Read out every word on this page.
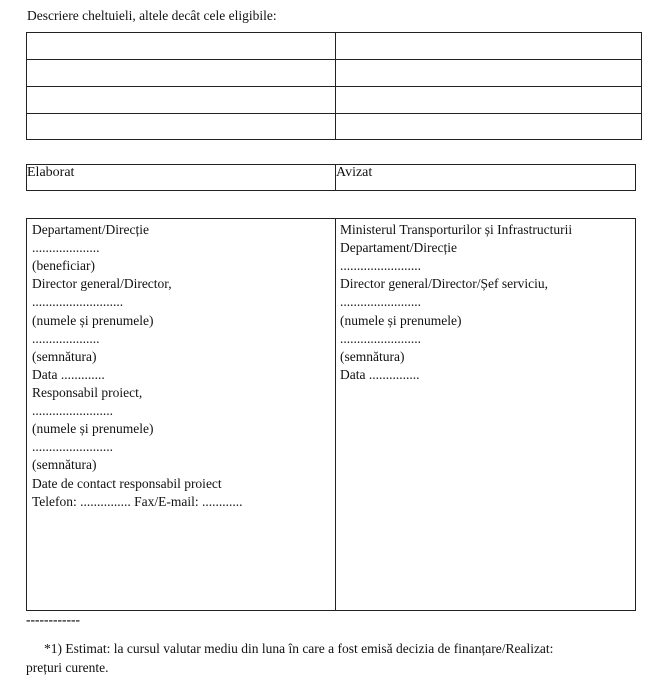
Descriere cheltuieli, altele decât cele eligibile:

Elaborat	Avizat

Departament/Direcție
....................
(beneficiar)
Director general/Director,
...........................
(numele și prenumele)
....................
(semnătura)
Data .............
Responsabil proiect,
........................
(numele și prenumele)
........................
(semnătura)
Date de contact responsabil proiect
Telefon: ............... Fax/E-mail: ............
Ministerul Transporturilor și Infrastructurii
Departament/Direcție
........................
Director general/Director/Șef serviciu,
........................
(numele și prenumele)
........................
(semnătura)
Data ...............
------------
*1) Estimat: la cursul valutar mediu din luna în care a fost emisă decizia de finanțare/Realizat:
prețuri curente.
